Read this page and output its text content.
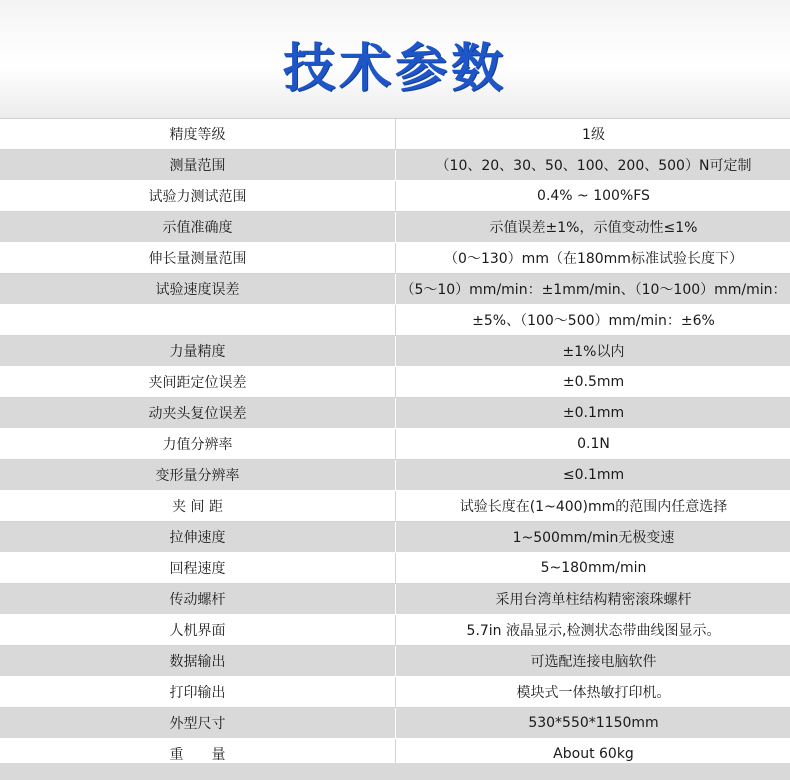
技术参数
精度等级	1级
测量范围	（10、20、30、50、100、200、500）N可定制
试验力测试范围	0.4% ~ 100%FS
示值准确度	示值误差±1%，示值变动性≤1%
伸长量测量范围	（0～130）mm（在180mm标准试验长度下）
试验速度误差	（5～10）mm/min：±1mm/min、（10～100）mm/min：
	±5%、（100～500）mm/min：±6%
力量精度	±1%以内
夹间距定位误差	±0.5mm
动夹头复位误差	±0.1mm
力值分辨率	0.1N
变形量分辨率	≤0.1mm
夹 间 距	试验长度在(1~400)mm的范围内任意选择
拉伸速度	1~500mm/min无极变速
回程速度	5~180mm/min
传动螺杆	采用台湾单柱结构精密滚珠螺杆
人机界面	5.7in 液晶显示,检测状态带曲线图显示。
数据输出	可选配连接电脑软件
打印输出	模块式一体热敏打印机。
外型尺寸	530*550*1150mm
重　　量	About 60kg
